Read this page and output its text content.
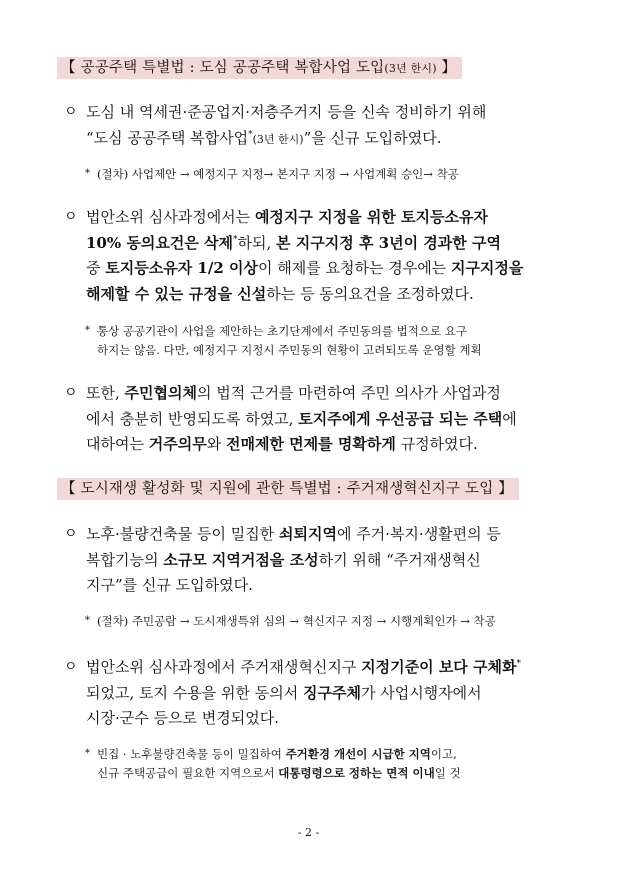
【 공공주택 특별법 : 도심 공공주택 복합사업 도입(3년 한시) 】
ㅇ 도심 내 역세권·준공업지·저층주거지 등을 신속 정비하기 위해
“도심 공공주택 복합사업*(3년 한시)”을 신규 도입하였다.
* (절차) 사업제안 → 예정지구 지정→ 본지구 지정 → 사업계획 승인→ 착공
ㅇ 법안소위 심사과정에서는 예정지구 지정을 위한 토지등소유자
10% 동의요건은 삭제*하되, 본 지구지정 후 3년이 경과한 구역
중 토지등소유자 1/2 이상이 해제를 요청하는 경우에는 지구지정을
해제할 수 있는 규정을 신설하는 등 동의요건을 조정하였다.
* 통상 공공기관이 사업을 제안하는 초기단계에서 주민동의를 법적으로 요구
하지는 않음. 다만, 예정지구 지정시 주민동의 현황이 고려되도록 운영할 계획
ㅇ 또한, 주민협의체의 법적 근거를 마련하여 주민 의사가 사업과정
에서 충분히 반영되도록 하였고, 토지주에게 우선공급 되는 주택에
대하여는 거주의무와 전매제한 면제를 명확하게 규정하였다.
【 도시재생 활성화 및 지원에 관한 특별법 : 주거재생혁신지구 도입 】
ㅇ 노후·불량건축물 등이 밀집한 쇠퇴지역에 주거·복지·생활편의 등
복합기능의 소규모 지역거점을 조성하기 위해 “주거재생혁신
지구”를 신규 도입하였다.
* (절차) 주민공람 → 도시재생특위 심의 → 혁신지구 지정 → 시행계획인가 → 착공
ㅇ 법안소위 심사과정에서 주거재생혁신지구 지정기준이 보다 구체화*
되었고, 토지 수용을 위한 동의서 징구주체가 사업시행자에서
시장·군수 등으로 변경되었다.
* 빈집 · 노후불량건축물 등이 밀집하여 주거환경 개선이 시급한 지역이고,
신규 주택공급이 필요한 지역으로서 대통령령으로 정하는 면적 이내일 것
- 2 -
